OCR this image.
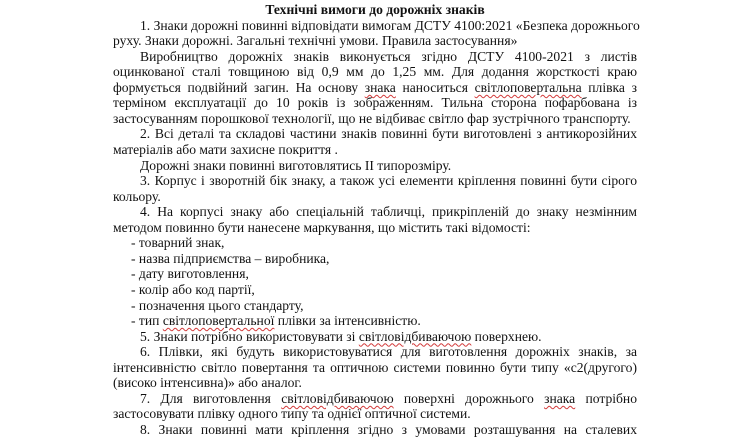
Технічні вимоги до дорожніх знаків
1. Знаки дорожні повинні відповідати вимогам ДСТУ 4100:2021 «Безпека дорожнього
руху. Знаки дорожні. Загальні технічні умови. Правила застосування»
Виробництво дорожніх знаків виконується згідно ДСТУ 4100-2021 з листів
оцинкованої сталі товщиною від 0,9 мм до 1,25 мм. Для додання жорсткості краю
формується подвійний загин. На основу знака наноситься світлоповертальна плівка з
терміном експлуатації до 10 років із зображенням. Тильна сторона пофарбована із
застосуванням порошкової технології, що не відбиває світло фар зустрічного транспорту.
2. Всі деталі та складові частини знаків повинні бути виготовлені з антикорозійних
матеріалів або мати захисне покриття .
Дорожні знаки повинні виготовлятись ІІ типорозміру.
3. Корпус і зворотній бік знаку, а також усі елементи кріплення повинні бути сірого
кольору.
4. На корпусі знаку або спеціальній табличці, прикріпленій до знаку незмінним
методом повинно бути нанесене маркування, що містить такі відомості:
- товарний знак,
- назва підприємства – виробника,
- дату виготовлення,
- колір або код партії,
- позначення цього стандарту,
- тип світлоповертальної плівки за інтенсивністю.
5. Знаки потрібно використовувати зі світловідбиваючою поверхнею.
6. Плівки, які будуть використовуватися для виготовлення дорожніх знаків, за
інтенсивністю світло повертання та оптичною системи повинно бути типу «с2(другого)
(високо інтенсивна)» або аналог.
7. Для виготовлення світловідбиваючою поверхні дорожнього знака потрібно
застосовувати плівку одного типу та однієї оптичної системи.
8. Знаки повинні мати кріплення згідно з умовами розташування на сталевих
